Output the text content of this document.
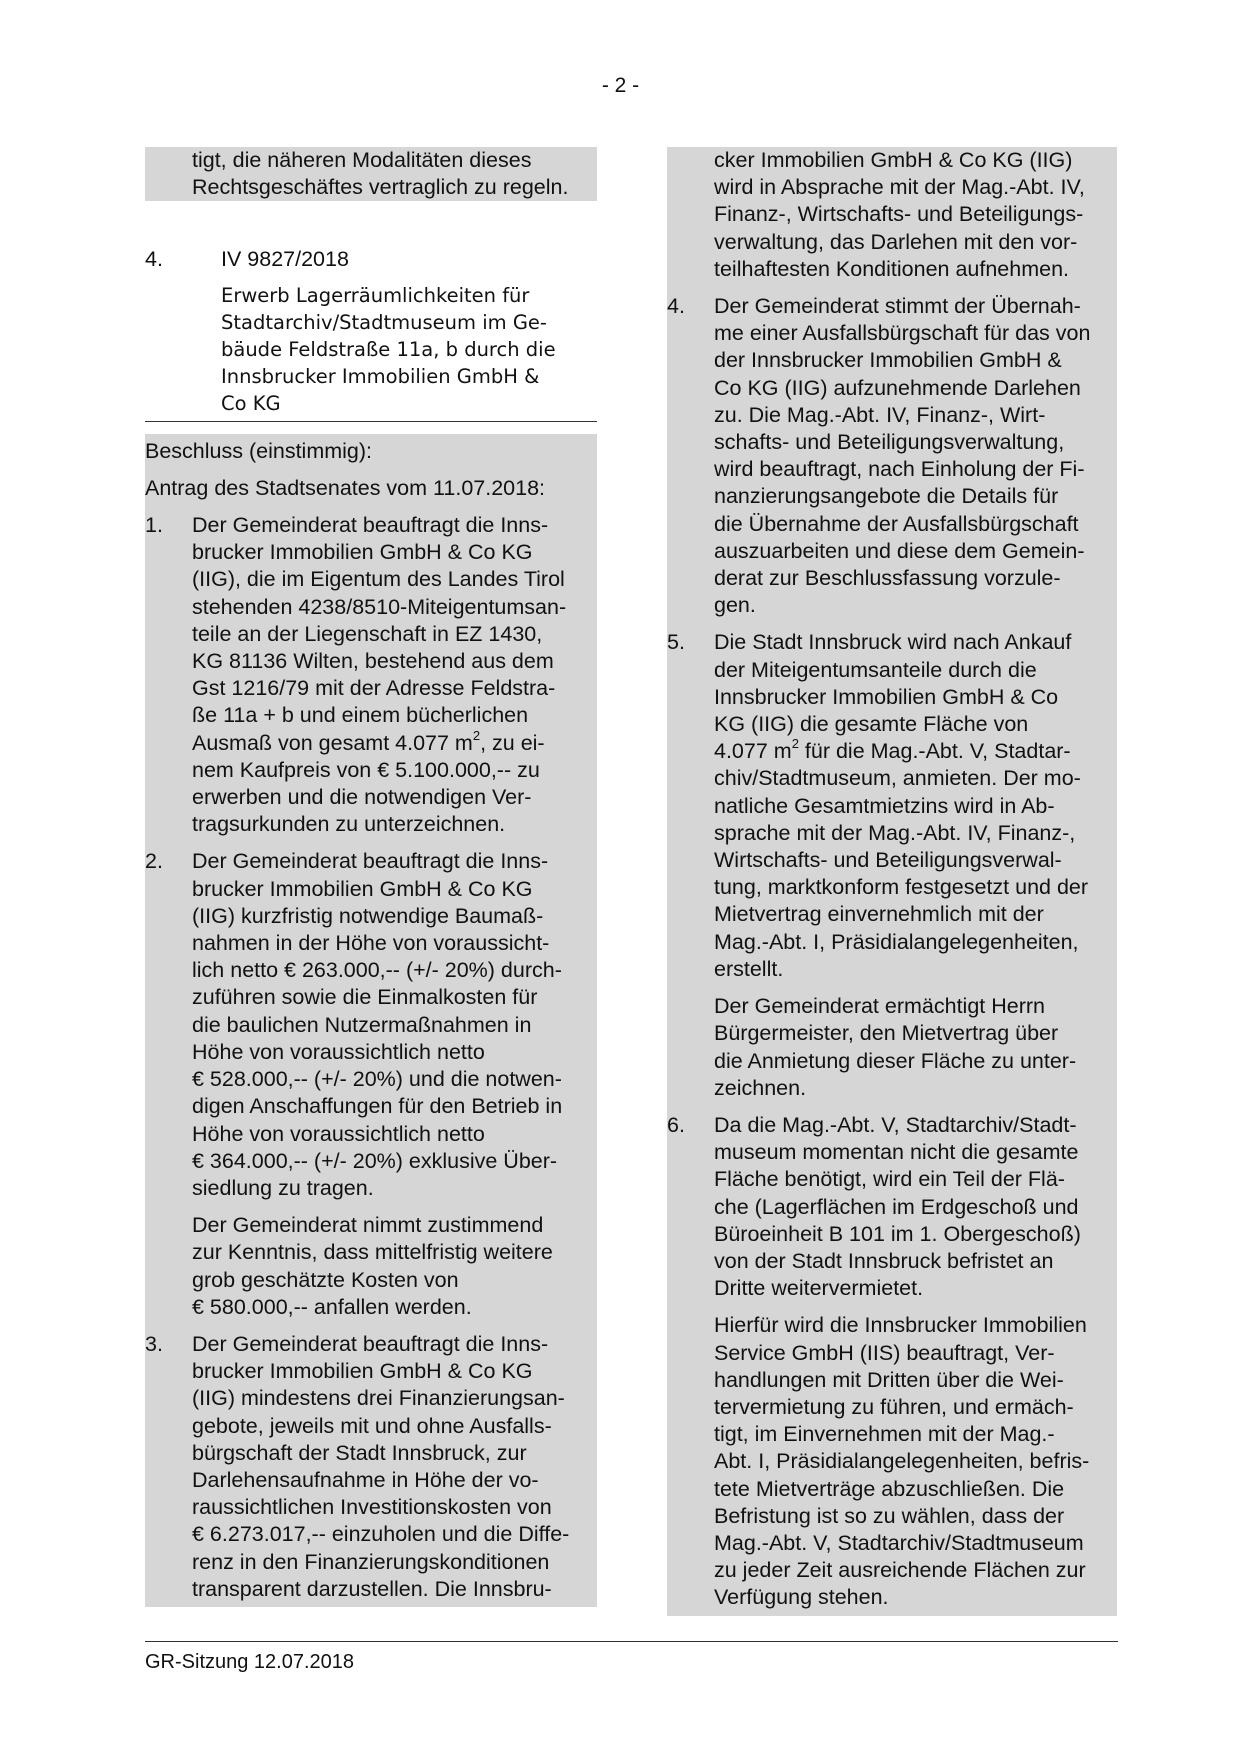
- 2 -
tigt, die näheren Modalitäten dieses
Rechtsgeschäftes vertraglich zu regeln.
4.	IV 9827/2018
Erwerb Lagerräumlichkeiten für
Stadtarchiv/Stadtmuseum im Ge-
bäude Feldstraße 11a, b durch die
Innsbrucker Immobilien GmbH &
Co KG
Beschluss (einstimmig):
Antrag des Stadtsenates vom 11.07.2018:
1.	Der Gemeinderat beauftragt die Inns-
brucker Immobilien GmbH & Co KG
(IIG), die im Eigentum des Landes Tirol
stehenden 4238/8510-Miteigentumsan-
teile an der Liegenschaft in EZ 1430,
KG 81136 Wilten, bestehend aus dem
Gst 1216/79 mit der Adresse Feldstra-
ße 11a + b und einem bücherlichen
Ausmaß von gesamt 4.077 $m^2$, zu ei-
nem Kaufpreis von € 5.100.000,-- zu
erwerben und die notwendigen Ver-
tragsurkunden zu unterzeichnen.
2.	Der Gemeinderat beauftragt die Inns-
brucker Immobilien GmbH & Co KG
(IIG) kurzfristig notwendige Baumaß-
nahmen in der Höhe von voraussicht-
lich netto € 263.000,-- (+/- 20%) durch-
zuführen sowie die Einmalkosten für
die baulichen Nutzermaßnahmen in
Höhe von voraussichtlich netto
€ 528.000,-- (+/- 20%) und die notwen-
digen Anschaffungen für den Betrieb in
Höhe von voraussichtlich netto
€ 364.000,-- (+/- 20%) exklusive Über-
siedlung zu tragen.
Der Gemeinderat nimmt zustimmend
zur Kenntnis, dass mittelfristig weitere
grob geschätzte Kosten von
€ 580.000,-- anfallen werden.
3.	Der Gemeinderat beauftragt die Inns-
brucker Immobilien GmbH & Co KG
(IIG) mindestens drei Finanzierungsan-
gebote, jeweils mit und ohne Ausfalls-
bürgschaft der Stadt Innsbruck, zur
Darlehensaufnahme in Höhe der vo-
raussichtlichen Investitionskosten von
€ 6.273.017,-- einzuholen und die Diffe-
renz in den Finanzierungskonditionen
transparent darzustellen. Die Innsbru-
cker Immobilien GmbH & Co KG (IIG)
wird in Absprache mit der Mag.-Abt. IV,
Finanz-, Wirtschafts- und Beteiligungs-
verwaltung, das Darlehen mit den vor-
teilhaftesten Konditionen aufnehmen.
4.	Der Gemeinderat stimmt der Übernah-
me einer Ausfallsbürgschaft für das von
der Innsbrucker Immobilien GmbH &
Co KG (IIG) aufzunehmende Darlehen
zu. Die Mag.-Abt. IV, Finanz-, Wirt-
schafts- und Beteiligungsverwaltung,
wird beauftragt, nach Einholung der Fi-
nanzierungsangebote die Details für
die Übernahme der Ausfallsbürgschaft
auszuarbeiten und diese dem Gemein-
derat zur Beschlussfassung vorzule-
gen.
5.	Die Stadt Innsbruck wird nach Ankauf
der Miteigentumsanteile durch die
Innsbrucker Immobilien GmbH & Co
KG (IIG) die gesamte Fläche von
4.077 $m^2$ für die Mag.-Abt. V, Stadtar-
chiv/Stadtmuseum, anmieten. Der mo-
natliche Gesamtmietzins wird in Ab-
sprache mit der Mag.-Abt. IV, Finanz-,
Wirtschafts- und Beteiligungsverwal-
tung, marktkonform festgesetzt und der
Mietvertrag einvernehmlich mit der
Mag.-Abt. I, Präsidialangelegenheiten,
erstellt.
Der Gemeinderat ermächtigt Herrn
Bürgermeister, den Mietvertrag über
die Anmietung dieser Fläche zu unter-
zeichnen.
6.	Da die Mag.-Abt. V, Stadtarchiv/Stadt-
museum momentan nicht die gesamte
Fläche benötigt, wird ein Teil der Flä-
che (Lagerflächen im Erdgeschoß und
Büroeinheit B 101 im 1. Obergeschoß)
von der Stadt Innsbruck befristet an
Dritte weitervermietet.
Hierfür wird die Innsbrucker Immobilien
Service GmbH (IIS) beauftragt, Ver-
handlungen mit Dritten über die Wei-
tervermietung zu führen, und ermäch-
tigt, im Einvernehmen mit der Mag.-
Abt. I, Präsidialangelegenheiten, befris-
tete Mietverträge abzuschließen. Die
Befristung ist so zu wählen, dass der
Mag.-Abt. V, Stadtarchiv/Stadtmuseum
zu jeder Zeit ausreichende Flächen zur
Verfügung stehen.
GR-Sitzung 12.07.2018
